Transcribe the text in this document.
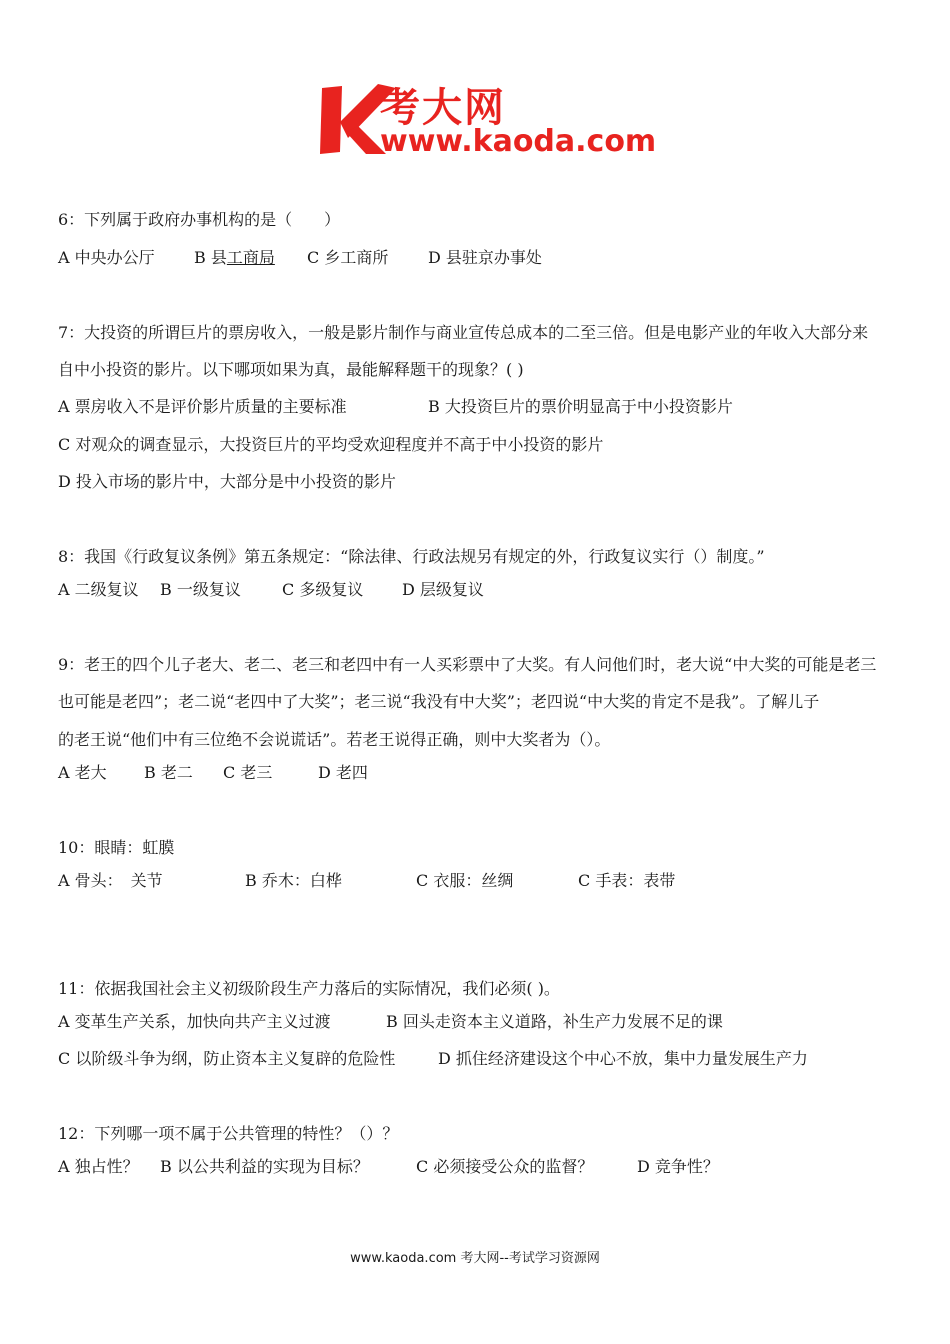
考大网
www.kaoda.com
6：下列属于政府办事机构的是（　　）
A 中央办公厅 B 县工商局 C 乡工商所 D 县驻京办事处
7：大投资的所谓巨片的票房收入，一般是影片制作与商业宣传总成本的二至三倍。但是电影产业的年收入大部分来
自中小投资的影片。以下哪项如果为真，最能解释题干的现象？( )
A 票房收入不是评价影片质量的主要标准	B 大投资巨片的票价明显高于中小投资影片
C 对观众的调查显示，大投资巨片的平均受欢迎程度并不高于中小投资的影片
D 投入市场的影片中，大部分是中小投资的影片
8：我国《行政复议条例》第五条规定：“除法律、行政法规另有规定的外，行政复议实行（）制度。”
A 二级复议 B 一级复议	C 多级复议 D 层级复议
9：老王的四个儿子老大、老二、老三和老四中有一人买彩票中了大奖。有人问他们时，老大说“中大奖的可能是老三
也可能是老四”；老二说“老四中了大奖”；老三说“我没有中大奖”；老四说“中大奖的肯定不是我”。了解儿子
的老王说“他们中有三位绝不会说谎话”。若老王说得正确，则中大奖者为（）。
A 老大 B 老二 C 老三	D 老四
10：眼睛：虹膜
A 骨头：　关节	B 乔木：白桦	C 衣服：丝绸	C 手表：表带
11：依据我国社会主义初级阶段生产力落后的实际情况，我们必须( )。
A 变革生产关系，加快向共产主义过渡	B 回头走资本主义道路，补生产力发展不足的课
C 以阶级斗争为纲，防止资本主义复辟的危险性	D 抓住经济建设这个中心不放，集中力量发展生产力
12：下列哪一项不属于公共管理的特性？（）？
A 独占性？ B 以公共利益的实现为目标？	C 必须接受公众的监督？	D 竞争性？
www.kaoda.com 考大网--考试学习资源网
